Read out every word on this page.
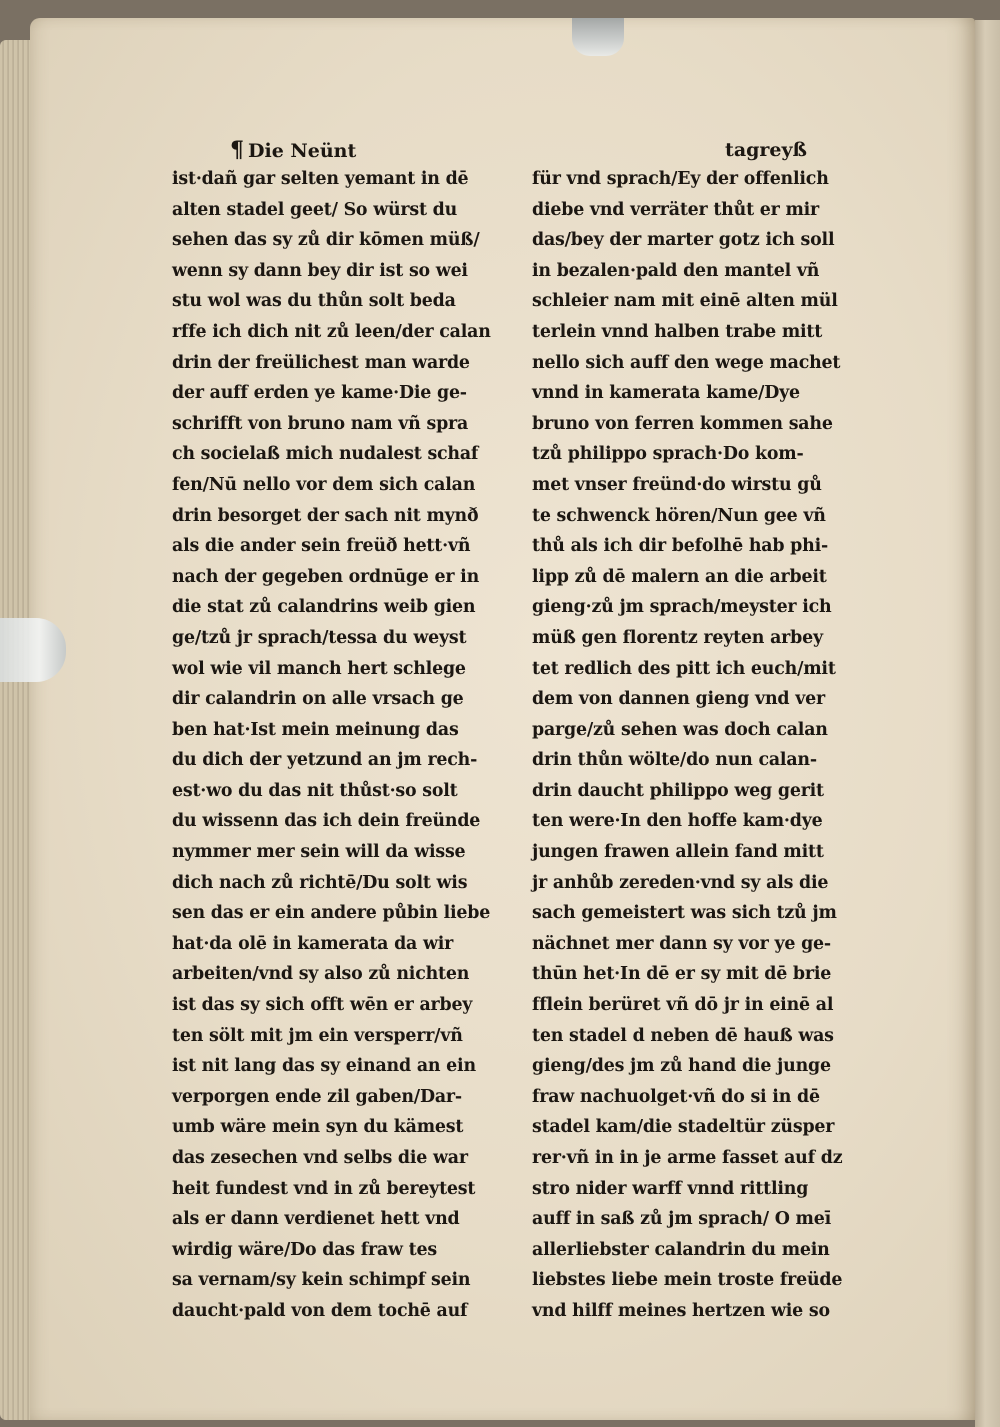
¶ Die Neünt
ist·dañ gar selten yemant in dē
alten stadel geet/ So würst du
sehen das sy zů dir kōmen müß/
wenn sy dann bey dir ist so wei
stu wol was du thůn solt beda
rffe ich dich nit zů leen/der calan
drin der freülichest man warde
der auff erden ye kame·Die ge-
schrifft von bruno nam vñ sprа
ch socielaß mich nudalest schaf
fen/Nū nello vor dem sich calan
drin besorget der sach nit mynð
als die ander sein freüð hett·vñ
nach der gegeben ordnūge er in
die stat zů calandrins weib gien
ge/tzů jr sprach/tessa du weyst
wol wie vil manch hert schlege
dir calandrin on alle vrsach ge
ben hat·Ist mein meinung das
du dich der yetzund an jm rech-
est·wo du das nit thůst·so solt
du wissenn das ich dein freünde
nymmer mer sein will da wisse
dich nach zů richtē/Du solt wis
sen das er ein andere půbin liebe
hat·da olē in kamerata da wir
arbeiten/vnd sy also zů nichten
ist das sy sich offt wēn er arbey
ten sölt mit jm ein versperr/vñ
ist nit lang das sy einand an ein
verporgen ende zil gaben/Dar-
umb wäre mein syn du kämest
das zesechen vnd selbs die war
heit fundest vnd in zů bereytest
als er dann verdienet hett vnd
wirdig wäre/Do das fraw tes
sa vernam/sy kein schimpf sein
daucht·pald von dem tochē auf
tagreyß
für vnd sprach/Ey der offenlich
diebe vnd verräter thůt er mir
das/bey der marter gotz ich soll
in bezalen·pald den mantel vñ
schleier nam mit einē alten mül
terlein vnnd halben trabe mitt
nello sich auff den wege machet
vnnd in kamerata kame/Dye
bruno von ferren kommen sahe
tzů philippo sprach·Do kom-
met vnser freünd·do wirstu gů
te schwenck hören/Nun gee vñ
thů als ich dir befolhē hab phi-
lipp zů dē malern an die arbeit
gieng·zů jm sprach/meyster ich
müß gen florentz reyten arbey
tet redlich des pitt ich euch/mit
dem von dannen gieng vnd ver
parge/zů sehen was doch calan
drin thůn wölte/do nun calan-
drin daucht philippo weg gerit
ten were·In den hoffe kam·dye
jungen frawen allein fand mitt
jr anhůb zereden·vnd sy als die
sach gemeistert was sich tzů jm
nächnet mer dann sy vor ye ge-
thūn het·In dē er sy mit dē brie
fflein berüret vñ dō jr in einē al
ten stadel d neben dē hauß was
gieng/des jm zů hand die junge
fraw nachuolget·vñ do si in dē
stadel kam/die stadeltür züsper
rer·vñ in in je arme fasset auf dz
stro nider warff vnnd rittling
auff in saß zů jm sprach/ O meī
allerliebster calandrin du mein
liebstes liebe mein troste freüde
vnd hilff meines hertzen wie so
